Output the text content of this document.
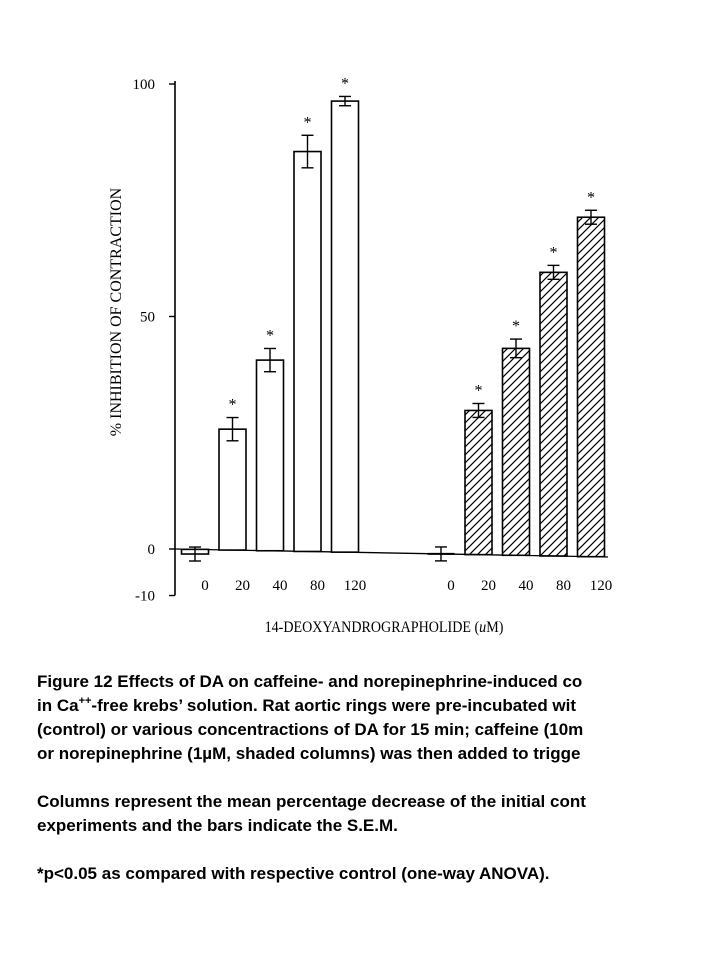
100
50
0
-10
*
*
*
*
*
*
*
*
0 20 40 80 120	0 20 40 80 120
% INHIBITION OF CONTRACTION
14-DEOXYANDROGRAPHOLIDE (uM)

Figure 12 Effects of DA on caffeine- and norepinephrine-induced co
in Ca++-free krebs’ solution. Rat aortic rings were pre-incubated wit
(control) or various concentractions of DA for 15 min; caffeine (10m
or norepinephrine (1µM, shaded columns) was then added to trigge

Columns represent the mean percentage decrease of the initial cont
experiments and the bars indicate the S.E.M.

*p<0.05 as compared with respective control (one-way ANOVA).
